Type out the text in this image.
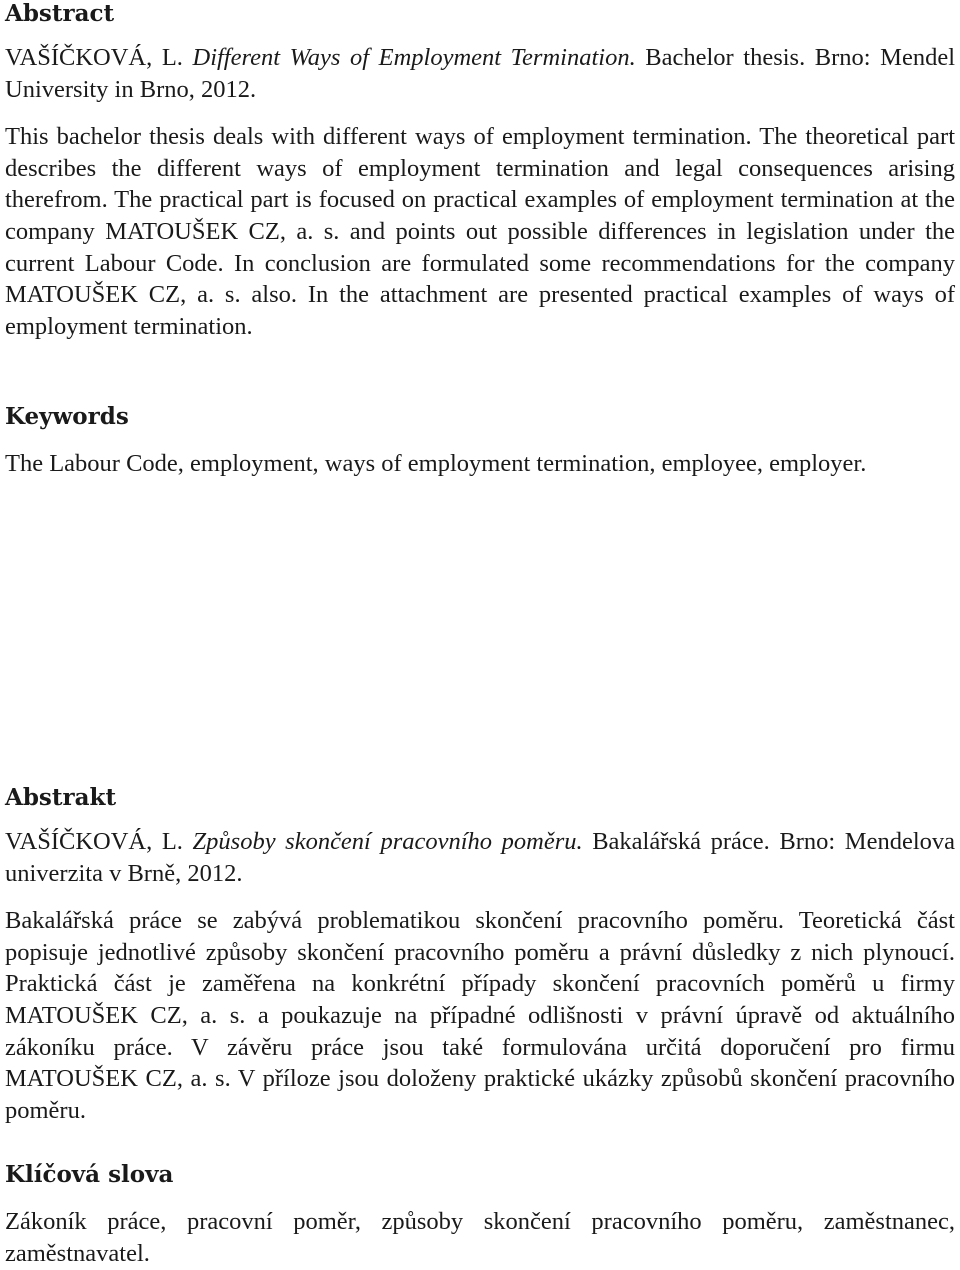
Abstract

VAŠÍČKOVÁ, L. Different Ways of Employment Termination. Bachelor thesis. Brno: Mendel University in Brno, 2012.

This bachelor thesis deals with different ways of employment termination. The theoretical part describes the different ways of employment termination and legal consequences arising therefrom. The practical part is focused on practical examples of employment termination at the company MATOUŠEK CZ, a. s. and points out possible differences in legislation under the current Labour Code. In conclusion are formulated some recommendations for the company MATOUŠEK CZ, a. s. also. In the attachment are presented practical examples of ways of employment termination.

Keywords

The Labour Code, employment, ways of employment termination, employee, employer.

Abstrakt

VAŠÍČKOVÁ, L. Způsoby skončení pracovního poměru. Bakalářská práce. Brno: Mendelova univerzita v Brně, 2012.

Bakalářská práce se zabývá problematikou skončení pracovního poměru. Teoretická část popisuje jednotlivé způsoby skončení pracovního poměru a právní důsledky z nich plynoucí. Praktická část je zaměřena na konkrétní případy skončení pracovních poměrů u firmy MATOUŠEK CZ, a. s. a poukazuje na případné odlišnosti v právní úpravě od aktuálního zákoníku práce. V závěru práce jsou také formulována určitá doporučení pro firmu MATOUŠEK CZ, a. s. V příloze jsou doloženy praktické ukázky způsobů skončení pracovního poměru.

Klíčová slova

Zákoník práce, pracovní poměr, způsoby skončení pracovního poměru, zaměstnanec, zaměstnavatel.
